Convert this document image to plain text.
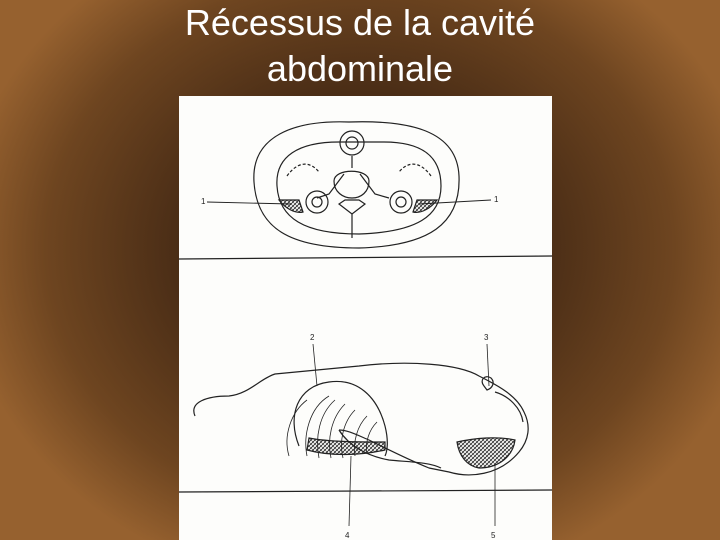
Récessus de la cavité
abdominale
1	1
2	3
4	5
